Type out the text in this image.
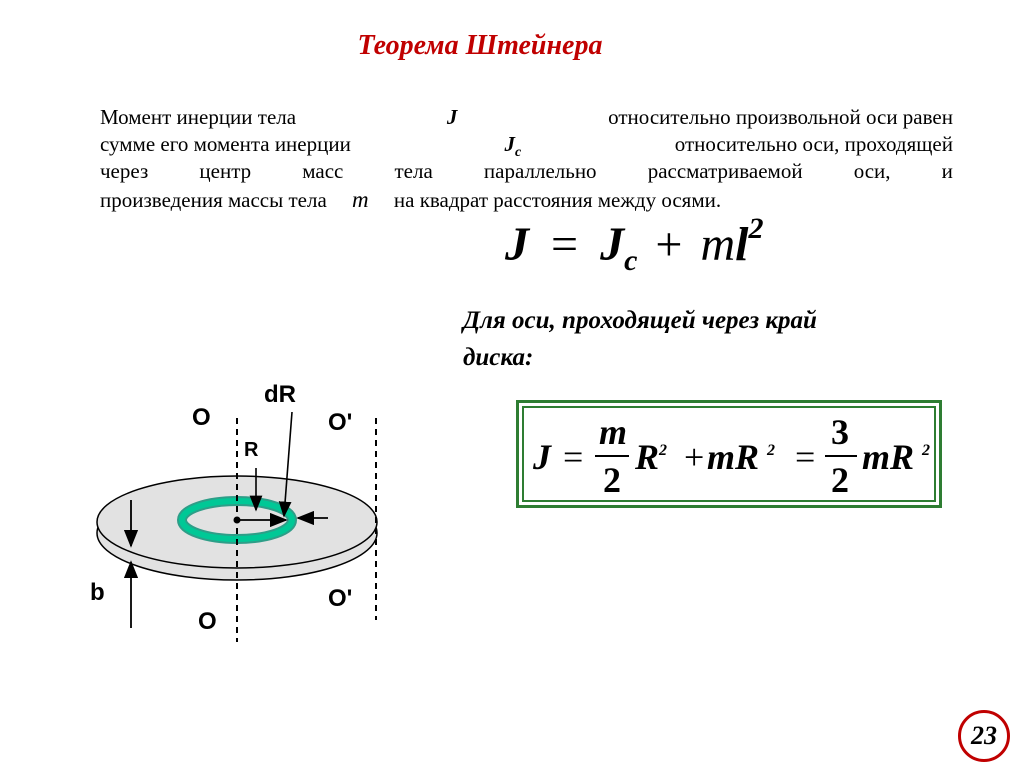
Теорема Штейнера
Момент инерции тела	J	относительно произвольной оси равен
сумме его момента инерции	$J_c$	относительно оси, проходящей
через центр масс тела параллельно рассматриваемой оси, и
произведения массы тела m на квадрат расстояния между осями.
$J = J_c + ml^2$
Для оси, проходящей через край
диска:
J =
m
2
$R^2$ + mR $^2$ =
3
2
mR $^2$
dR
O	O'
R
b	O'
O
23
